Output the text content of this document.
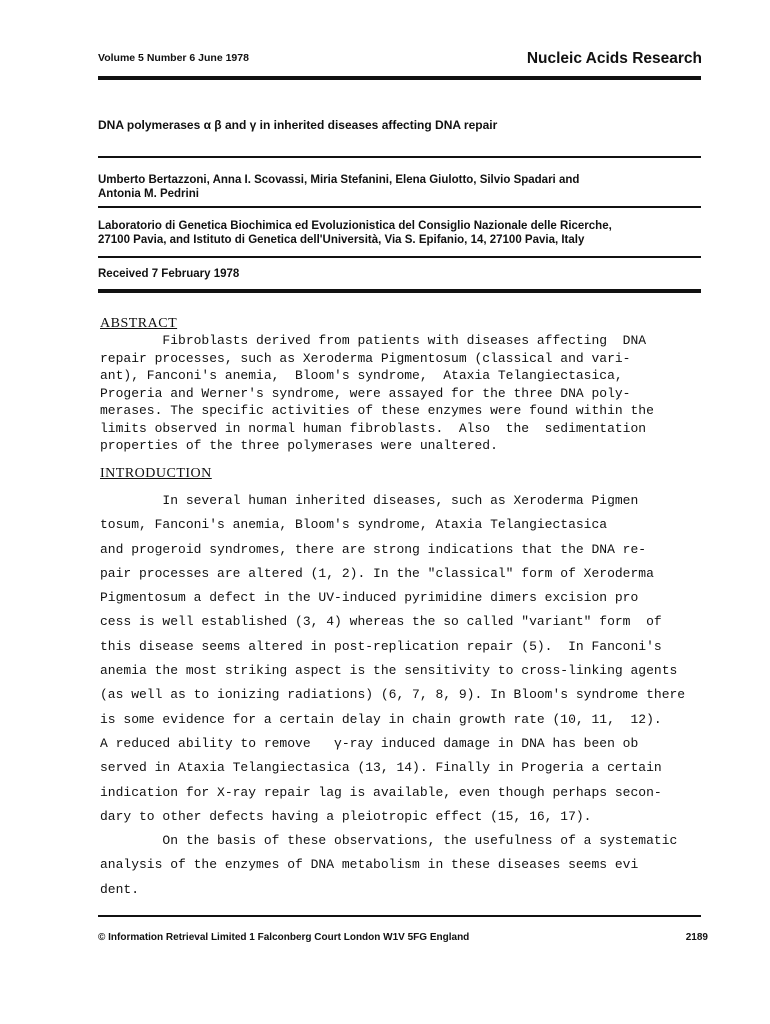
Volume 5 Number 6 June 1978	Nucleic Acids Research
DNA polymerases α β and γ in inherited diseases affecting DNA repair
Umberto Bertazzoni, Anna I. Scovassi, Miria Stefanini, Elena Giulotto, Silvio Spadari and
Antonia M. Pedrini
Laboratorio di Genetica Biochimica ed Evoluzionistica del Consiglio Nazionale delle Ricerche,
27100 Pavia, and Istituto di Genetica dell'Università, Via S. Epifanio, 14, 27100 Pavia, Italy
Received 7 February 1978
ABSTRACT
Fibroblasts derived from patients with diseases affecting  DNA
repair processes, such as Xeroderma Pigmentosum (classical and vari-
ant), Fanconi's anemia,  Bloom's syndrome,  Ataxia Telangiectasica,
Progeria and Werner's syndrome, were assayed for the three DNA poly-
merases. The specific activities of these enzymes were found within the
limits observed in normal human fibroblasts.  Also  the  sedimentation
properties of the three polymerases were unaltered.
INTRODUCTION
In several human inherited diseases, such as Xeroderma Pigmen
tosum, Fanconi's anemia, Bloom's syndrome, Ataxia Telangiectasica
and progeroid syndromes, there are strong indications that the DNA re-
pair processes are altered (1, 2). In the "classical" form of Xeroderma
Pigmentosum a defect in the UV-induced pyrimidine dimers excision pro
cess is well established (3, 4) whereas the so called "variant" form  of
this disease seems altered in post-replication repair (5).  In Fanconi's
anemia the most striking aspect is the sensitivity to cross-linking agents
(as well as to ionizing radiations) (6, 7, 8, 9). In Bloom's syndrome there
is some evidence for a certain delay in chain growth rate (10, 11,  12).
A reduced ability to remove   γ-ray induced damage in DNA has been ob
served in Ataxia Telangiectasica (13, 14). Finally in Progeria a certain
indication for X-ray repair lag is available, even though perhaps secon-
dary to other defects having a pleiotropic effect (15, 16, 17).
On the basis of these observations, the usefulness of a systematic
analysis of the enzymes of DNA metabolism in these diseases seems evi
dent.
© Information Retrieval Limited 1 Falconberg Court London W1V 5FG England	2189
